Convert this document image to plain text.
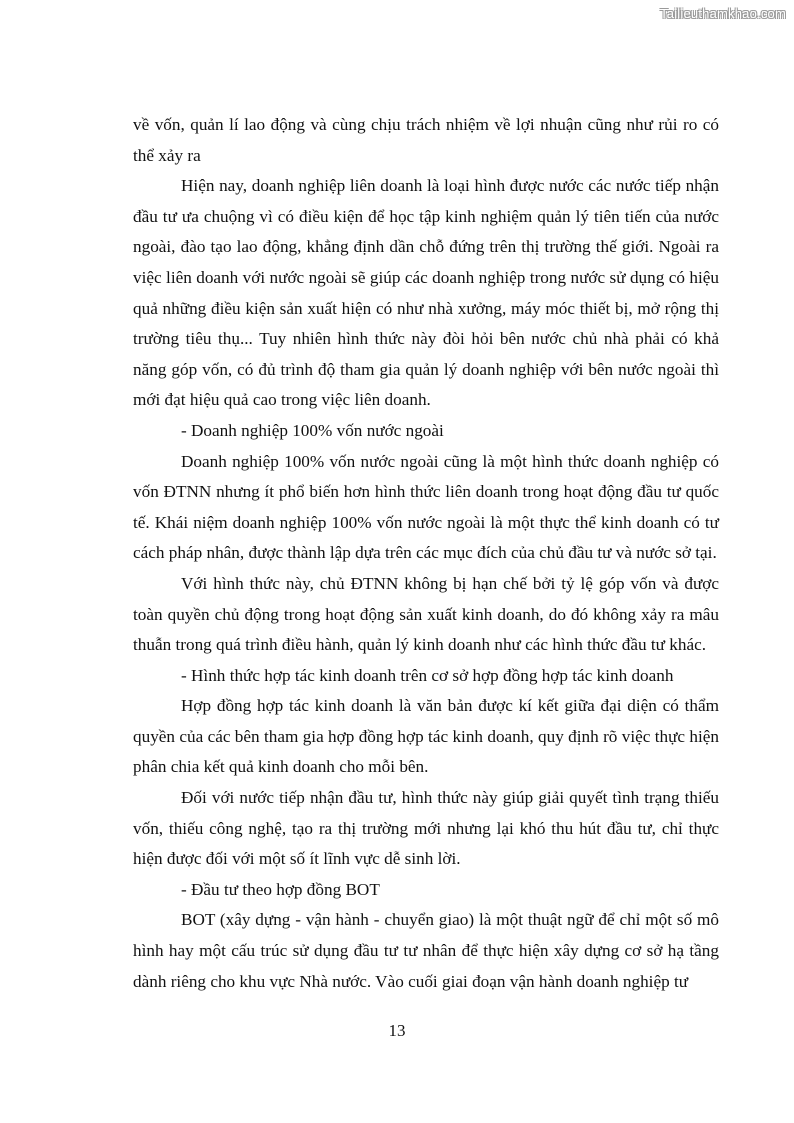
Tailieuthamkhao.com

về vốn, quản lí lao động và cùng chịu trách nhiệm về lợi nhuận cũng như rủi ro có thể xảy ra

Hiện nay, doanh nghiệp liên doanh là loại hình được nước các nước tiếp nhận đầu tư ưa chuộng vì có điều kiện để học tập kinh nghiệm quản lý tiên tiến của nước ngoài, đào tạo lao động, khẳng định dần chỗ đứng trên thị trường thế giới. Ngoài ra việc liên doanh với nước ngoài sẽ giúp các doanh nghiệp trong nước sử dụng có hiệu quả những điều kiện sản xuất hiện có như nhà xưởng, máy móc thiết bị, mở rộng thị trường tiêu thụ... Tuy nhiên hình thức này đòi hỏi bên nước chủ nhà phải có khả năng góp vốn, có đủ trình độ tham gia quản lý doanh nghiệp với bên nước ngoài thì mới đạt hiệu quả cao trong việc liên doanh.

- Doanh nghiệp 100% vốn nước ngoài

Doanh nghiệp 100% vốn nước ngoài cũng là một hình thức doanh nghiệp có vốn ĐTNN nhưng ít phổ biến hơn hình thức liên doanh trong hoạt động đầu tư quốc tế. Khái niệm doanh nghiệp 100% vốn nước ngoài là một thực thể kinh doanh có tư cách pháp nhân, được thành lập dựa trên các mục đích của chủ đầu tư và nước sở tại.

Với hình thức này, chủ ĐTNN không bị hạn chế bởi tỷ lệ góp vốn và được toàn quyền chủ động trong hoạt động sản xuất kinh doanh, do đó không xảy ra mâu thuẫn trong quá trình điều hành, quản lý kinh doanh như các hình thức đầu tư khác.

- Hình thức hợp tác kinh doanh trên cơ sở hợp đồng hợp tác kinh doanh

Hợp đồng hợp tác kinh doanh là văn bản được kí kết giữa đại diện có thẩm quyền của các bên tham gia hợp đồng hợp tác kinh doanh, quy định rõ việc thực hiện phân chia kết quả kinh doanh cho mỗi bên.

Đối với nước tiếp nhận đầu tư, hình thức này giúp giải quyết tình trạng thiếu vốn, thiếu công nghệ, tạo ra thị trường mới nhưng lại khó thu hút đầu tư, chỉ thực hiện được đối với một số ít lĩnh vực dễ sinh lời.

- Đầu tư theo hợp đồng BOT

BOT (xây dựng - vận hành - chuyển giao) là một thuật ngữ để chỉ một số mô hình hay một cấu trúc sử dụng đầu tư tư nhân để thực hiện xây dựng cơ sở hạ tầng dành riêng cho khu vực Nhà nước. Vào cuối giai đoạn vận hành doanh nghiệp tư

13
